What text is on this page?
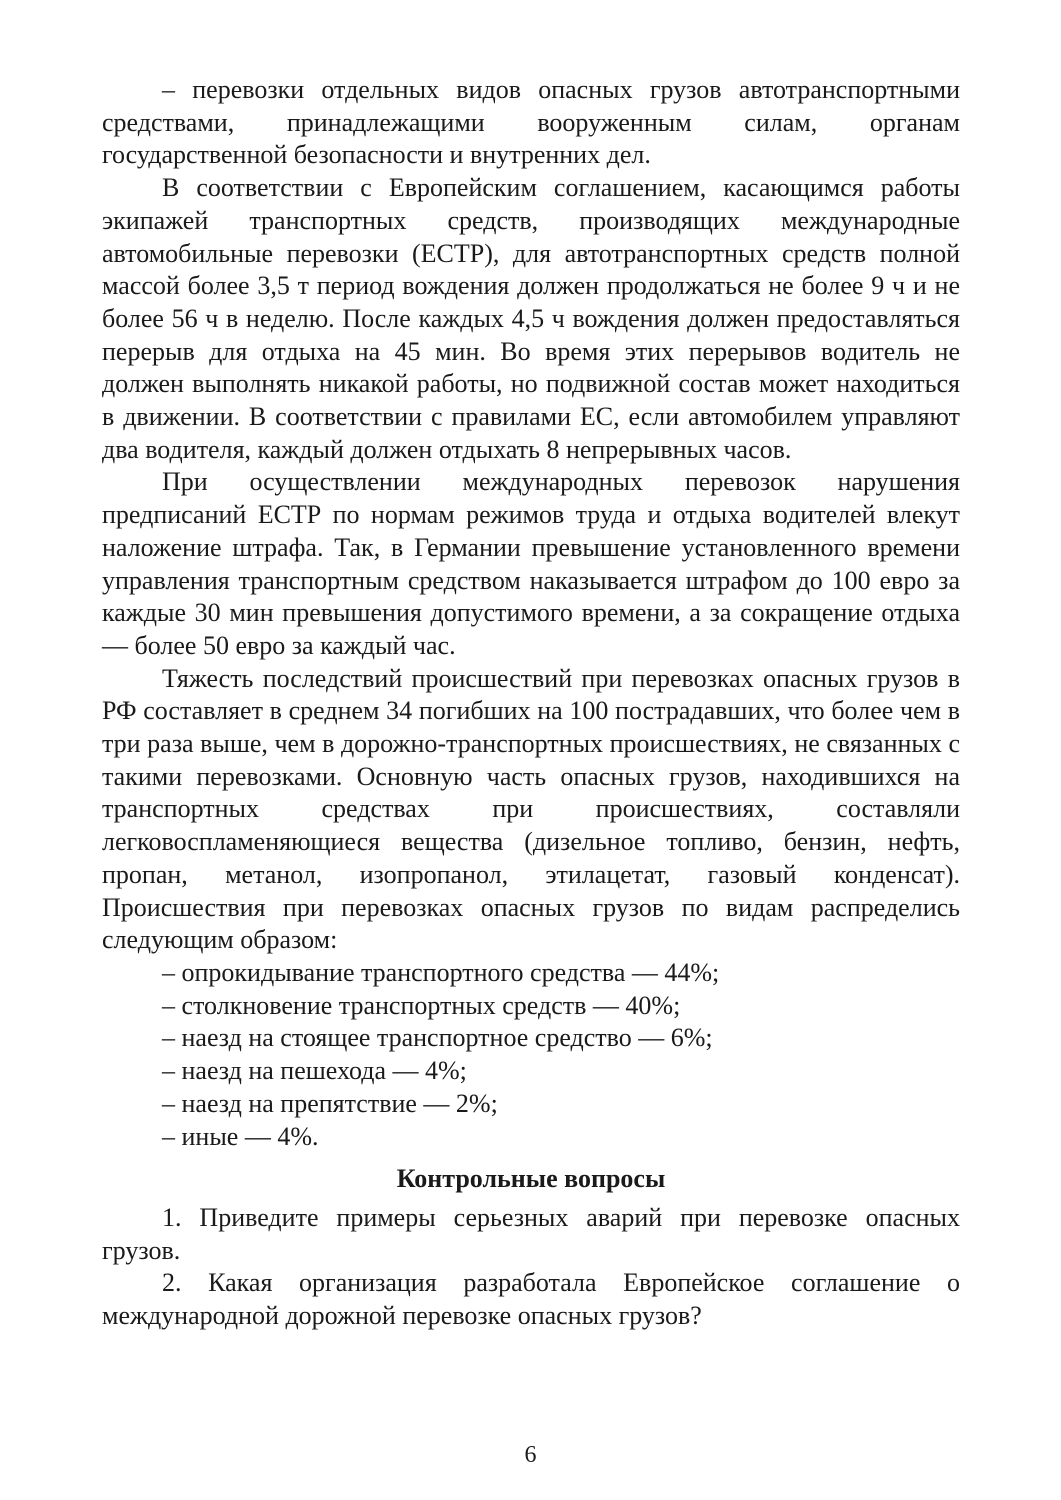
– перевозки отдельных видов опасных грузов автотранспортными средствами, принадлежащими вооруженным силам, органам государственной безопасности и внутренних дел.

В соответствии с Европейским соглашением, касающимся работы экипажей транспортных средств, производящих международные автомобильные перевозки (ЕСТР), для автотранспортных средств полной массой более 3,5 т период вождения должен продолжаться не более 9 ч и не более 56 ч в неделю. После каждых 4,5 ч вождения должен предоставляться перерыв для отдыха на 45 мин. Во время этих перерывов водитель не должен выполнять никакой работы, но подвижной состав может находиться в движении. В соответствии с правилами ЕС, если автомобилем управляют два водителя, каждый должен отдыхать 8 непрерывных часов.

При осуществлении международных перевозок нарушения предписаний ЕСТР по нормам режимов труда и отдыха водителей влекут наложение штрафа. Так, в Германии превышение установленного времени управления транспортным средством наказывается штрафом до 100 евро за каждые 30 мин превышения допустимого времени, а за сокращение отдыха — более 50 евро за каждый час.

Тяжесть последствий происшествий при перевозках опасных грузов в РФ составляет в среднем 34 погибших на 100 пострадавших, что более чем в три раза выше, чем в дорожно-транспортных происшествиях, не связанных с такими перевозками. Основную часть опасных грузов, находившихся на транспортных средствах при происшествиях, составляли легковоспламеняющиеся вещества (дизельное топливо, бензин, нефть, пропан, метанол, изопропанол, этилацетат, газовый конденсат). Происшествия при перевозках опасных грузов по видам распределись следующим образом:

– опрокидывание транспортного средства — 44%;
– столкновение транспортных средств — 40%;
– наезд на стоящее транспортное средство — 6%;
– наезд на пешехода — 4%;
– наезд на препятствие — 2%;
– иные — 4%.
Контрольные вопросы

1. Приведите примеры серьезных аварий при перевозке опасных грузов.

2. Какая организация разработала Европейское соглашение о международной дорожной перевозке опасных грузов?

6
